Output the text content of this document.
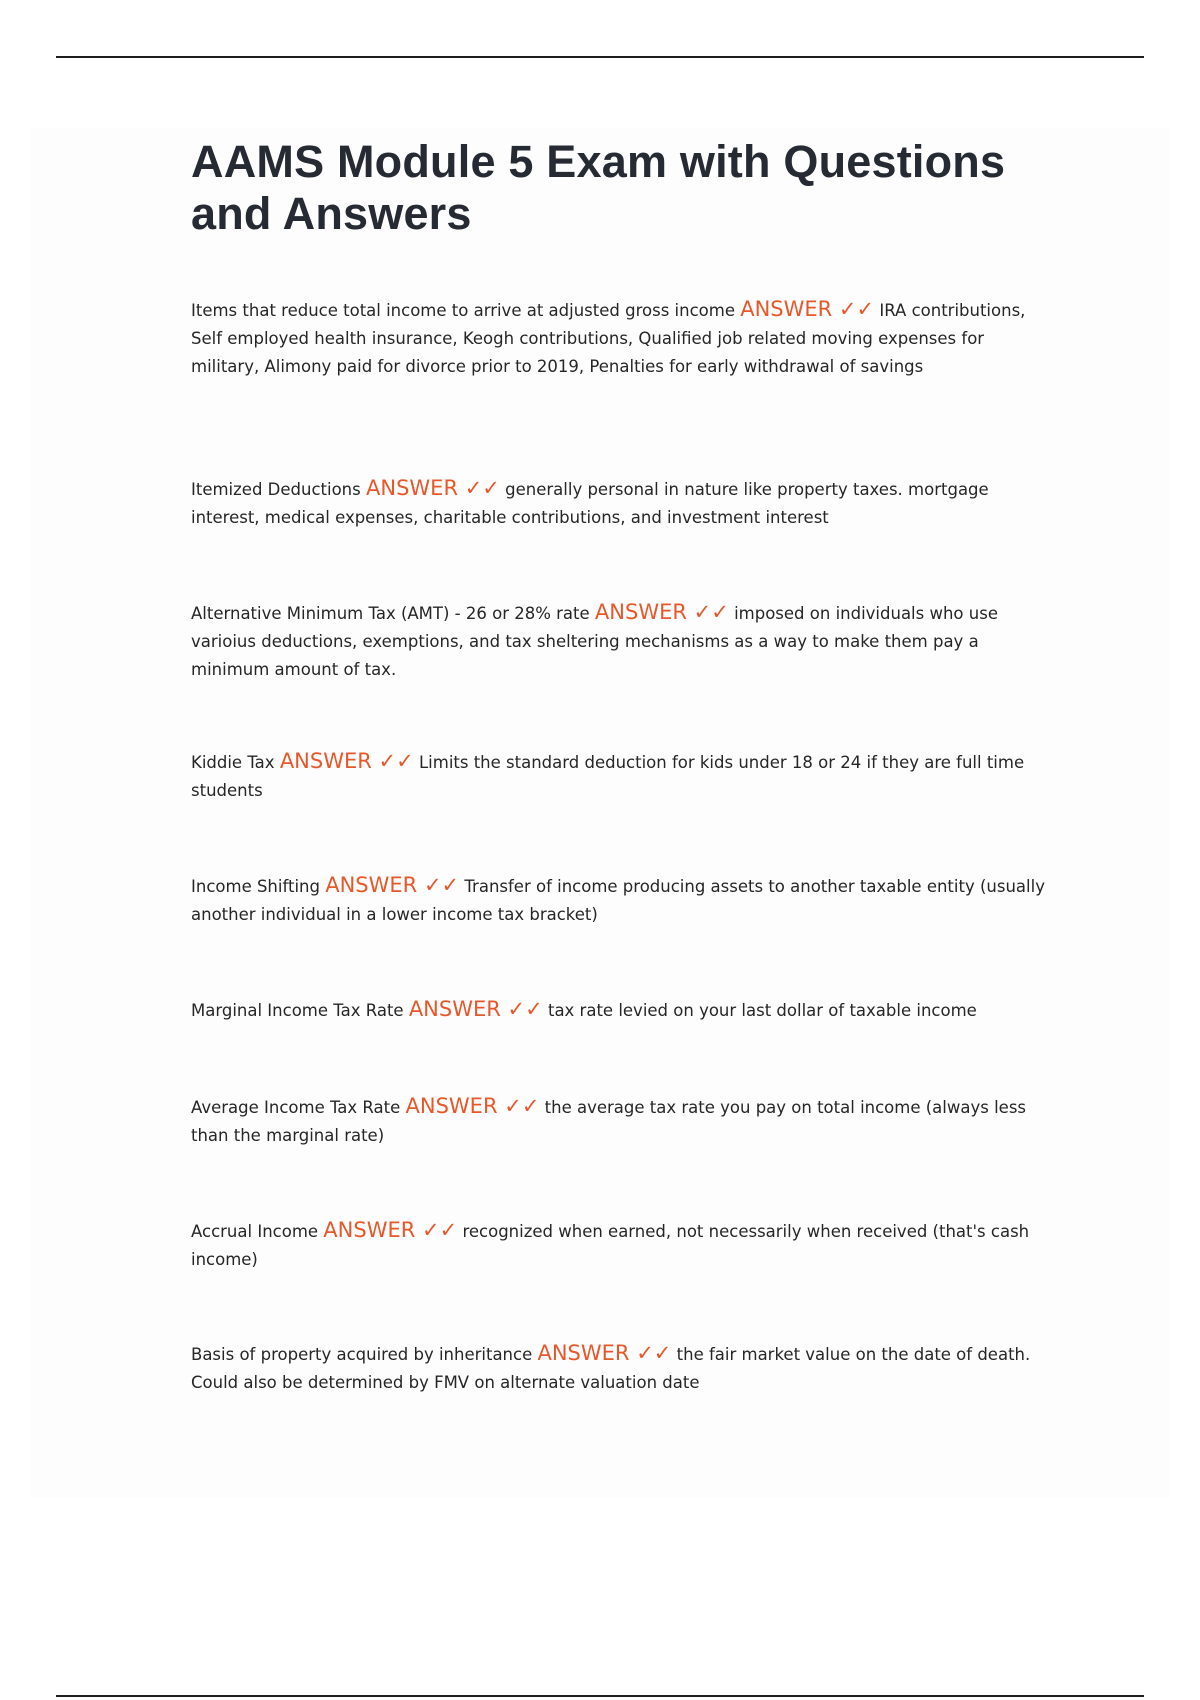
AAMS Module 5 Exam with Questions and Answers

Items that reduce total income to arrive at adjusted gross income ANSWER ✓✓ IRA contributions, Self employed health insurance, Keogh contributions, Qualified job related moving expenses for military, Alimony paid for divorce prior to 2019, Penalties for early withdrawal of savings

Itemized Deductions ANSWER ✓✓ generally personal in nature like property taxes. mortgage interest, medical expenses, charitable contributions, and investment interest

Alternative Minimum Tax (AMT) - 26 or 28% rate ANSWER ✓✓ imposed on individuals who use varioius deductions, exemptions, and tax sheltering mechanisms as a way to make them pay a minimum amount of tax.

Kiddie Tax ANSWER ✓✓ Limits the standard deduction for kids under 18 or 24 if they are full time students

Income Shifting ANSWER ✓✓ Transfer of income producing assets to another taxable entity (usually another individual in a lower income tax bracket)

Marginal Income Tax Rate ANSWER ✓✓ tax rate levied on your last dollar of taxable income

Average Income Tax Rate ANSWER ✓✓ the average tax rate you pay on total income (always less than the marginal rate)

Accrual Income ANSWER ✓✓ recognized when earned, not necessarily when received (that's cash income)

Basis of property acquired by inheritance ANSWER ✓✓ the fair market value on the date of death. Could also be determined by FMV on alternate valuation date
